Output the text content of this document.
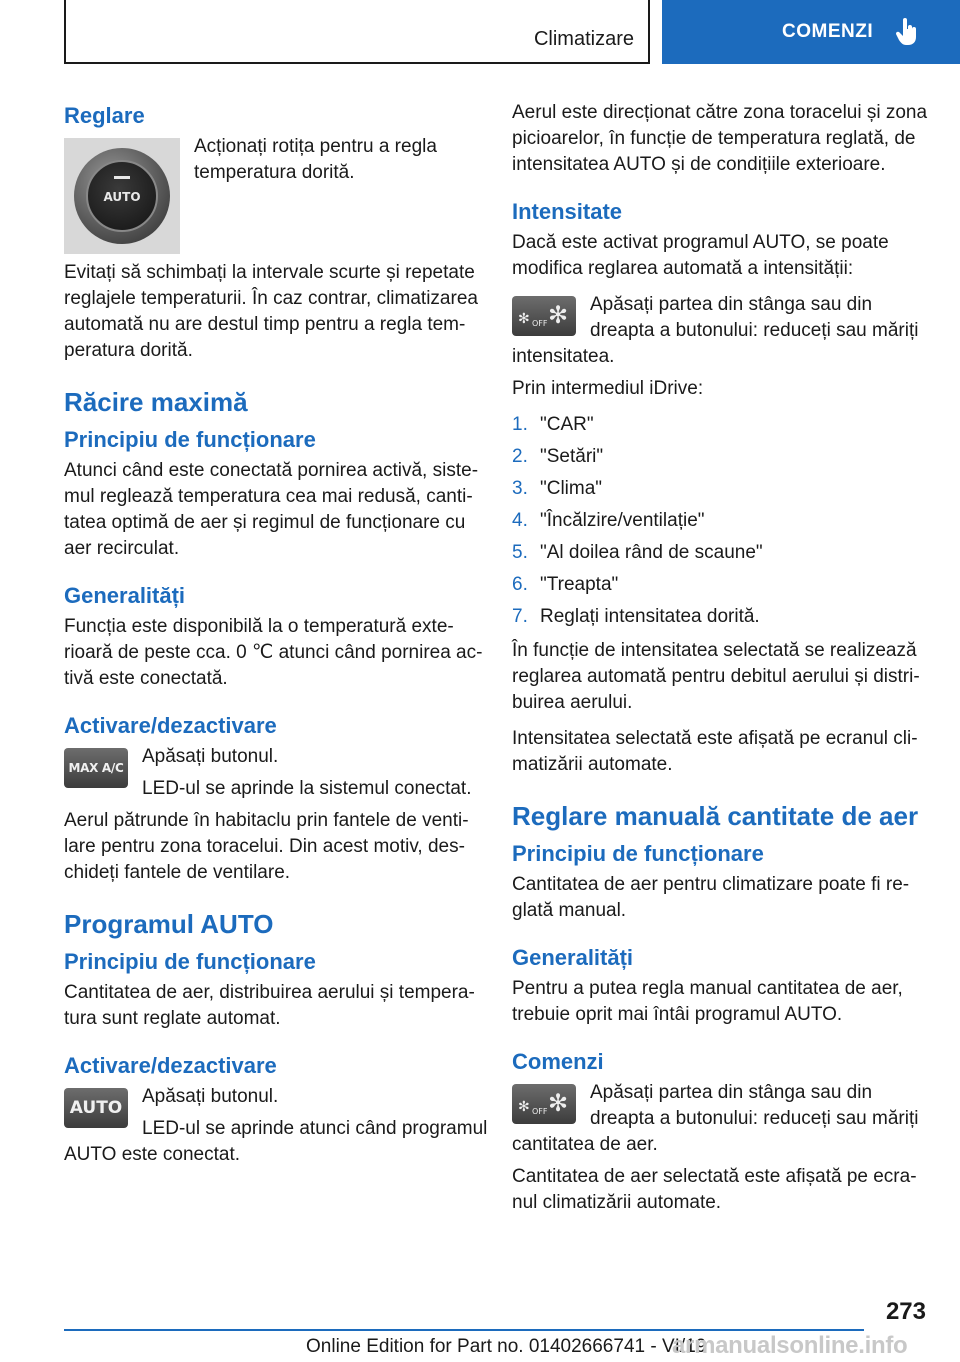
Climatizare	COMENZI
Reglare
AUTO

Acționați rotița pentru a regla temperatura dorită.

Evitați să schimbați la intervale scurte și repetate reglajele temperaturii. În caz contrar, climatizarea automată nu are destul timp pentru a regla temperatura dorită.

Răcire maximă
Principiu de funcționare

Atunci când este conectată pornirea activă, sistemul reglează temperatura cea mai redusă, cantitatea optimă de aer și regimul de funcționare cu aer recirculat.

Generalități

Funcția este disponibilă la o temperatură exterioară de peste cca. 0 ℃ atunci când pornirea activă este conectată.

Activare/dezactivare
MAX A/C

Apăsați butonul.

LED-ul se aprinde la sistemul conectat.

Aerul pătrunde în habitaclu prin fantele de ventilare pentru zona toracelui. Din acest motiv, deschideți fantele de ventilare.

Programul AUTO
Principiu de funcționare

Cantitatea de aer, distribuirea aerului și temperatura sunt reglate automat.

Activare/dezactivare
AUTO

Apăsați butonul.

LED-ul se aprinde atunci când programul AUTO este conectat.

Aerul este direcționat către zona toracelui și zona picioarelor, în funcție de temperatura reglată, de intensitatea AUTO și de condițiile exterioare.

Intensitate

Dacă este activat programul AUTO, se poate modifica reglarea automată a intensității:

✻ OFF ✻	Apăsați partea din stânga sau din dreapta a butonului: reduceți sau măriți intensitatea.

Prin intermediul iDrive:

1. "CAR"
2. "Setări"
3. "Clima"
4. "Încălzire/ventilație"
5. "Al doilea rând de scaune"
6. "Treapta"
7. Reglați intensitatea dorită.

În funcție de intensitatea selectată se realizează reglarea automată pentru debitul aerului și distribuirea aerului.

Intensitatea selectată este afișată pe ecranul climatizării automate.

Reglare manuală cantitate de aer
Principiu de funcționare

Cantitatea de aer pentru climatizare poate fi reglată manual.

Generalități

Pentru a putea regla manual cantitatea de aer, trebuie oprit mai întâi programul AUTO.

Comenzi
✻ OFF ✻	Apăsați partea din stânga sau din dreapta a butonului: reduceți sau măriți cantitatea de aer.

Cantitatea de aer selectată este afișată pe ecranul climatizării automate.

273
Online Edition for Part no. 01402666741 - VI/19
armanualsonline.info
